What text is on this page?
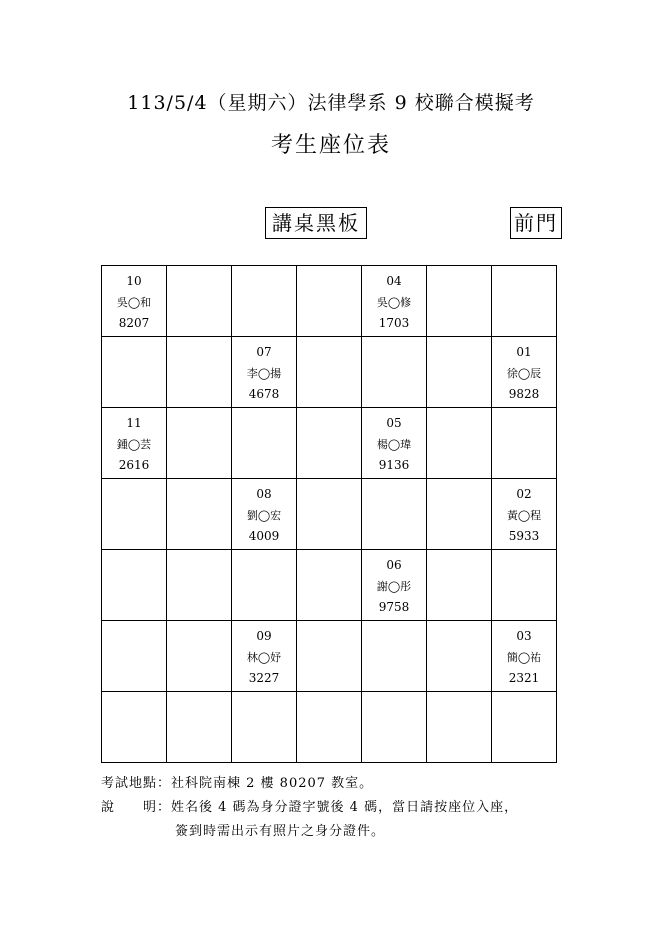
113/5/4（星期六）法律學系 9 校聯合模擬考
考生座位表
講桌黑板	前門
10
吳◯和
8207				04
吳◯修
1703		

		07
李◯揚
4678				01
徐◯辰
9828

11
鍾◯芸
2616				05
楊◯瑋
9136		

		08
劉◯宏
4009				02
黃◯程
5933

				06
謝◯彤
9758		

		09
林◯妤
3227				03
簡◯祐
2321

考試地點：社科院南棟 2 樓 80207 教室。
說　　明：姓名後 4 碼為身分證字號後 4 碼，當日請按座位入座，
簽到時需出示有照片之身分證件。
